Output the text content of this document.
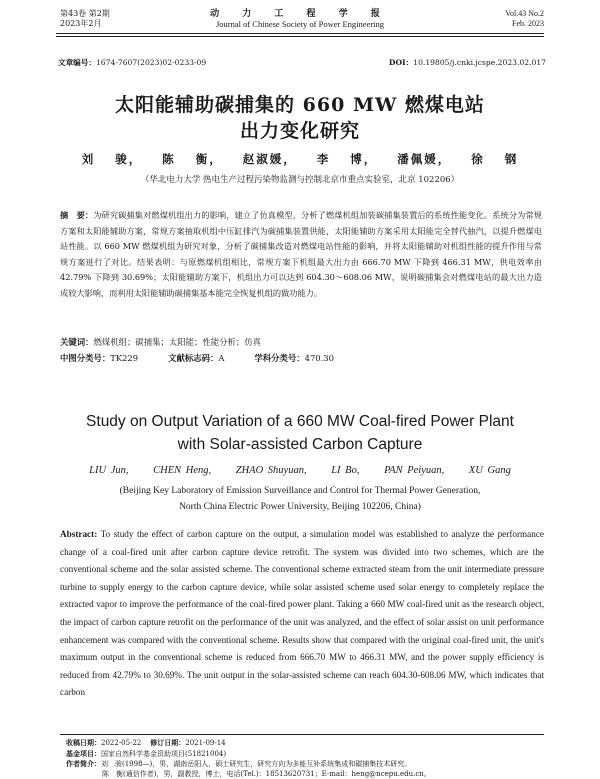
第43卷 第2期
2023年2月
动 力 工 程 学 报
Journal of Chinese Society of Power Engineering
Vol.43 No.2
Feb. 2023
文章编号：1674-7607(2023)02-0233-09	DOI：10.19805/j.cnki.jcspe.2023.02.017
太阳能辅助碳捕集的 660 MW 燃煤电站
出力变化研究
刘 骏， 陈 衡， 赵淑媛， 李 博， 潘佩媛， 徐 钢
（华北电力大学 热电生产过程污染物监测与控制北京市重点实验室，北京 102206）
摘　要：为研究碳捕集对燃煤机组出力的影响，建立了仿真模型，分析了燃煤机组加装碳捕集装置后的系统性能变化。系统分为常规方案和太阳能辅助方案，常规方案抽取机组中压缸排汽为碳捕集装置供能，太阳能辅助方案采用太阳能完全替代抽汽，以提升燃煤电站性能。以 660 MW 燃煤机组为研究对象，分析了碳捕集改造对燃煤电站性能的影响，并将太阳能辅助对机组性能的提升作用与常规方案进行了对比。结果表明：与原燃煤机组相比，常规方案下机组最大出力由 666.70 MW 下降到 466.31 MW，供电效率由 42.79% 下降到 30.69%；太阳能辅助方案下，机组出力可以达到 604.30～608.06 MW，说明碳捕集会对燃煤电站的最大出力造成较大影响，而利用太阳能辅助碳捕集基本能完全恢复机组的做功能力。
关键词：燃煤机组；碳捕集；太阳能；性能分析；仿真
中图分类号：TK229	文献标志码：A	学科分类号：470.30
Study on Output Variation of a 660 MW Coal-fired Power Plant
with Solar-assisted Carbon Capture
LIU Jun, CHEN Heng, ZHAO Shuyuan, LI Bo, PAN Peiyuan, XU Gang
(Beijing Key Laboratory of Emission Surveillance and Control for Thermal Power Generation,
North China Electric Power University, Beijing 102206, China)
Abstract: To study the effect of carbon capture on the output, a simulation model was established to analyze the performance change of a coal-fired unit after carbon capture device retrofit. The system was divided into two schemes, which are the conventional scheme and the solar assisted scheme. The conventional scheme extracted steam from the unit intermediate pressure turbine to supply energy to the carbon capture device, while solar assisted scheme used solar energy to completely replace the extracted vapor to improve the performance of the coal-fired power plant. Taking a 660 MW coal-fired unit as the research object, the impact of carbon capture retrofit on the performance of the unit was analyzed, and the effect of solar assist on unit performance enhancement was compared with the conventional scheme. Results show that compared with the original coal-fired unit, the unit's maximum output in the conventional scheme is reduced from 666.70 MW to 466.31 MW, and the power supply efficiency is reduced from 42.79% to 30.69%. The unit output in the solar-assisted scheme can reach 604.30-608.06 MW, which indicates that carbon
收稿日期：2022-05-22 修订日期：2021-09-14
基金项目：国家自然科学基金资助项目(51821004)
作者简介：刘　骏(1998—)，男，湖南岳阳人，硕士研究生，研究方向为多能互补系统集成和碳捕集技术研究。
陈　衡(通信作者)，男，副教授，博士，电话(Tel.)：18513620731；E-mail：heng@ncepu.edu.cn。
